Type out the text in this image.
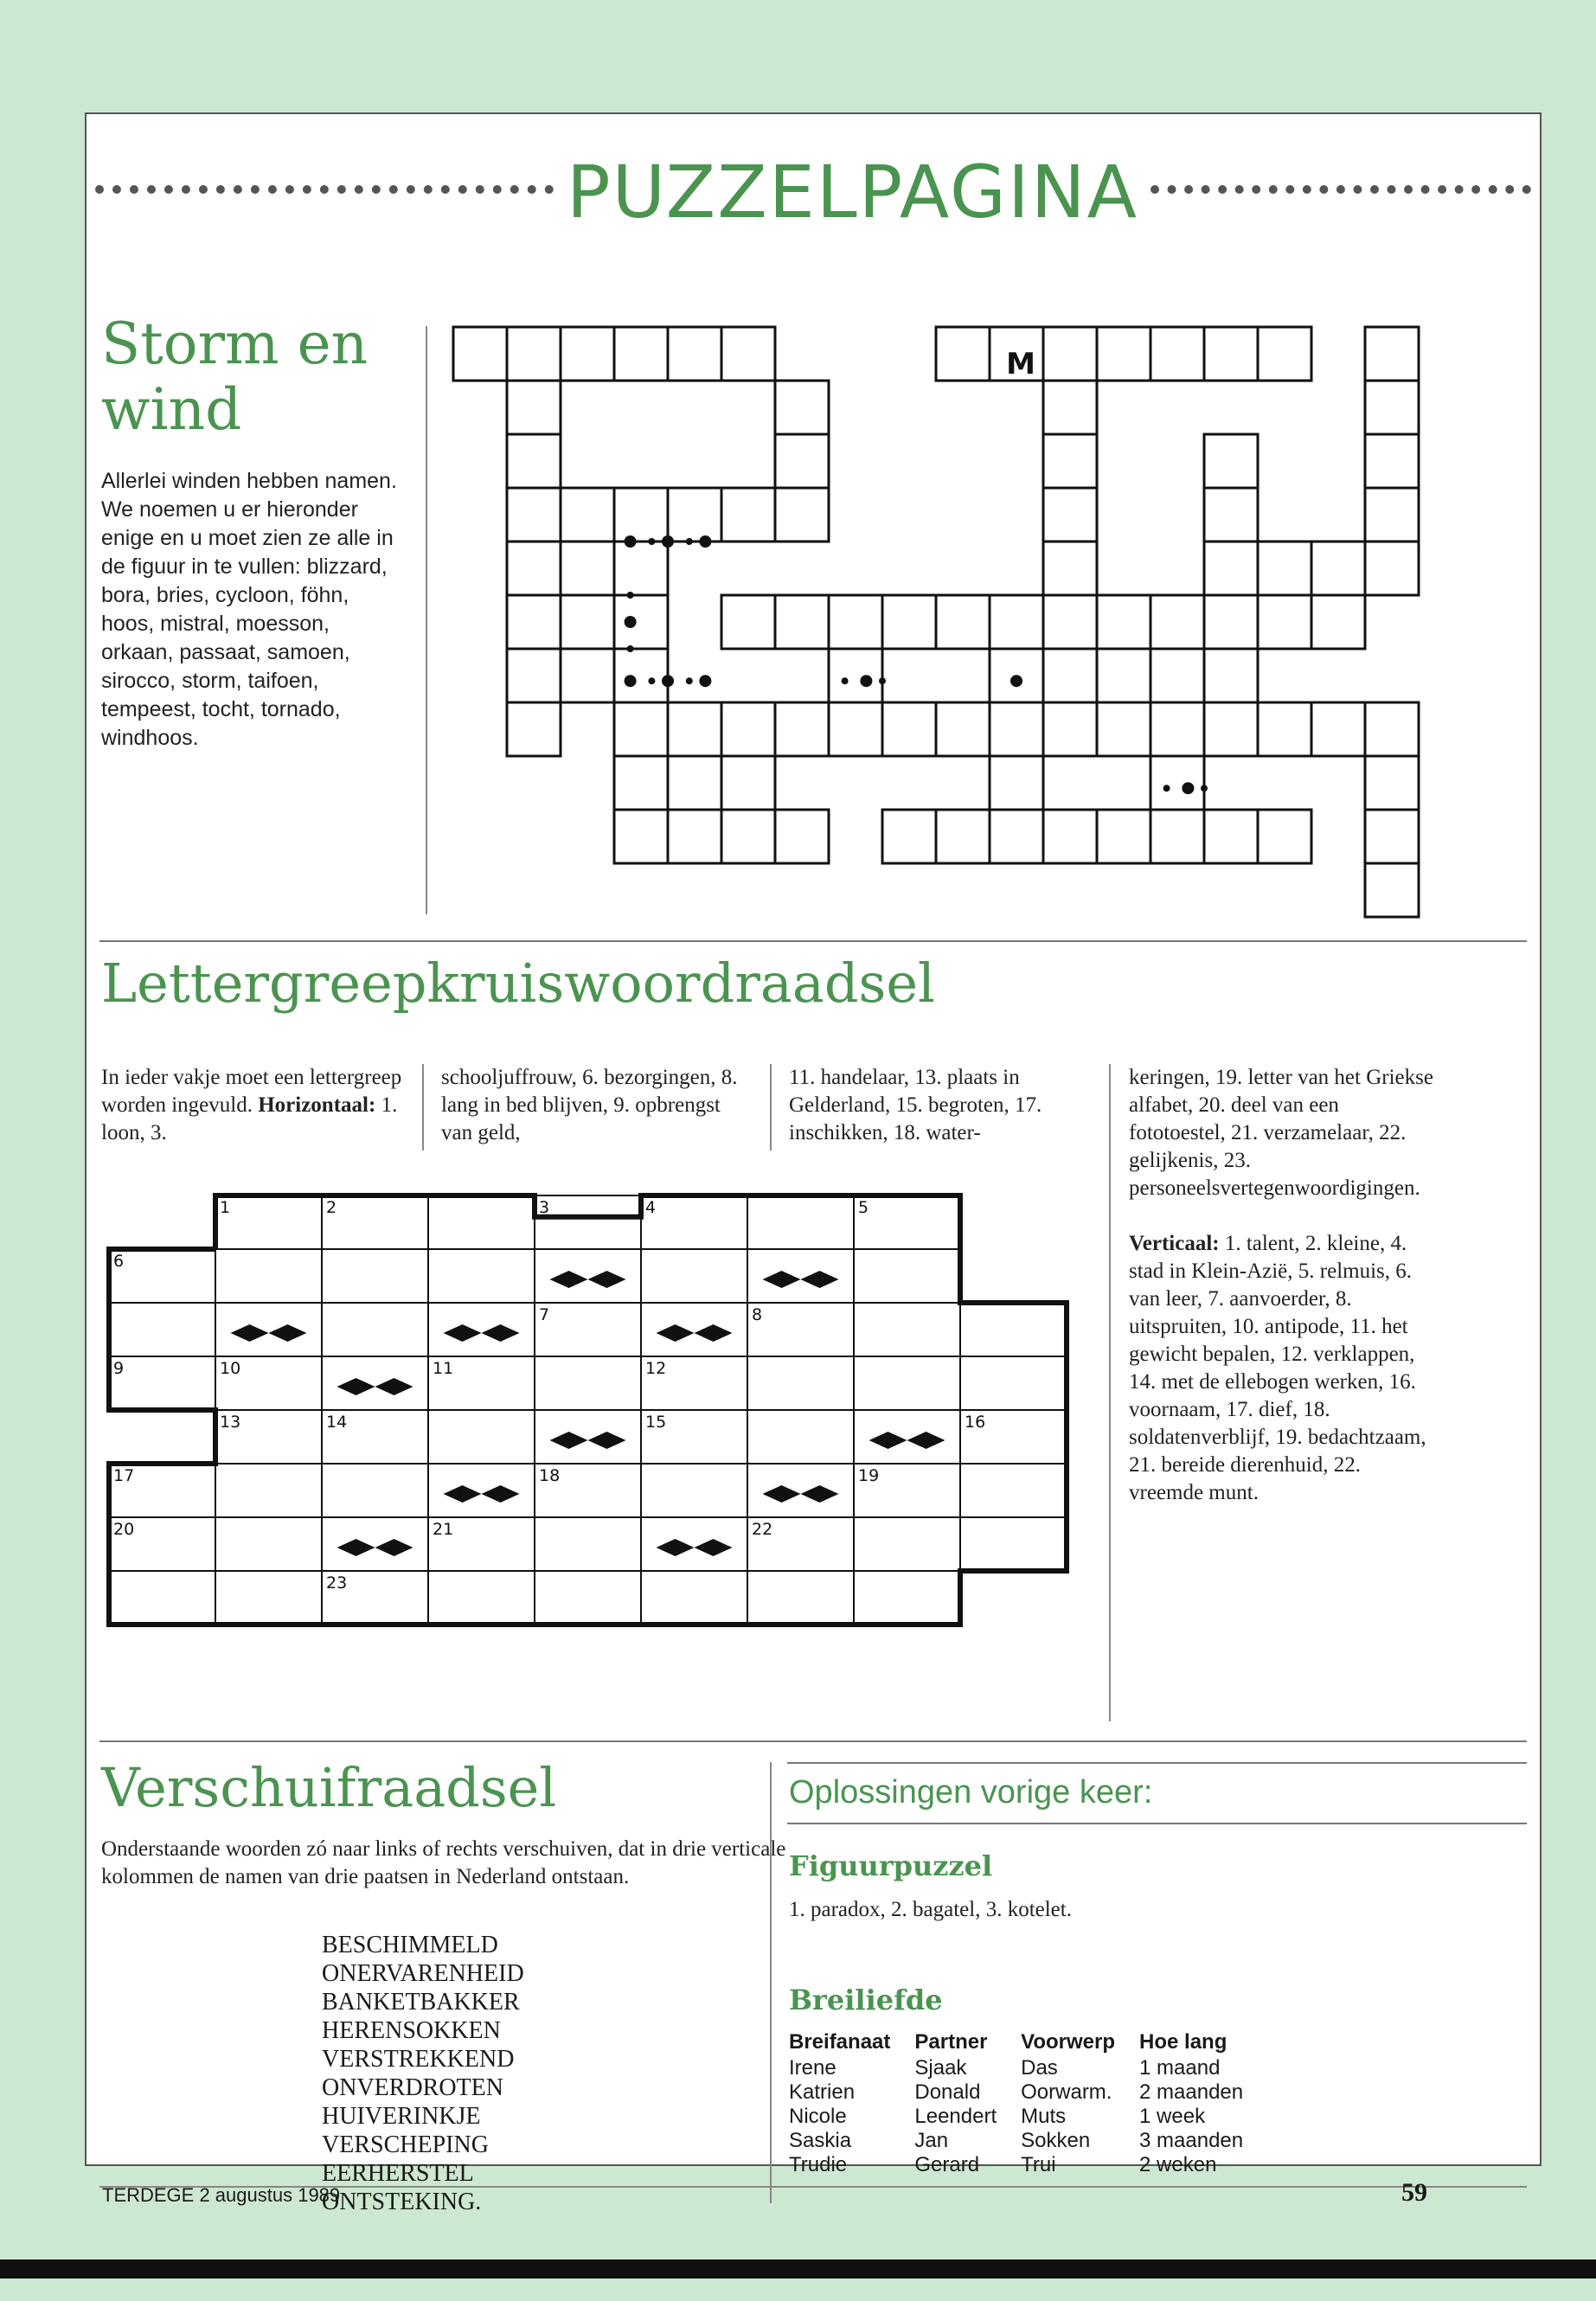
PUZZELPAGINA
Storm en
wind
Allerlei winden hebben namen. We noemen u er hieronder enige en u moet zien ze alle in de figuur in te vullen: blizzard, bora, bries, cycloon, föhn, hoos, mistral, moesson, orkaan, passaat, samoen, sirocco, storm, taifoen, tempeest, tocht, tornado, windhoos.
M
Lettergreepkruiswoordraadsel
In ieder vakje moet een lettergreep worden ingevuld. Horizontaal: 1. loon, 3.
schooljuffrouw, 6. bezorgingen, 8. lang in bed blijven, 9. opbrengst van geld,
11. handelaar, 13. plaats in Gelderland, 15. begroten, 17. inschikken, 18. water-
keringen, 19. letter van het Griekse alfabet, 20. deel van een fototoestel, 21. verzamelaar, 22. gelijkenis, 23. personeelsvertegenwoordigingen.
Verticaal: 1. talent, 2. kleine, 4. stad in Klein-Azië, 5. relmuis, 6. van leer, 7. aanvoerder, 8. uitspruiten, 10. antipode, 11. het gewicht bepalen, 12. verklappen, 14. met de ellebogen werken, 16. voornaam, 17. dief, 18. soldatenverblijf, 19. bedachtzaam, 21. bereide dierenhuid, 22. vreemde munt.
1	2	3	4	5
6
7	8
9	10	11	12
13	14	15	16
17	18	19
20	21	22
23
Verschuifraadsel
Onderstaande woorden zó naar links of rechts verschuiven, dat in drie verticale kolommen de namen van drie paatsen in Nederland ontstaan.
BESCHIMMELD
ONERVARENHEID
BANKETBAKKER
HERENSOKKEN
VERSTREKKEND
ONVERDROTEN
HUIVERINKJE
VERSCHEPING
EERHERSTEL
ONTSTEKING.
Oplossingen vorige keer:
Figuurpuzzel
1. paradox, 2. bagatel, 3. kotelet.
Breiliefde
Breifanaat	Partner	Voorwerp	Hoe lang
Irene	Sjaak	Das	1 maand
Katrien	Donald	Oorwarm.	2 maanden
Nicole	Leendert	Muts	1 week
Saskia	Jan	Sokken	3 maanden
Trudie	Gerard	Trui	2 weken
TERDEGE 2 augustus 1989	59
